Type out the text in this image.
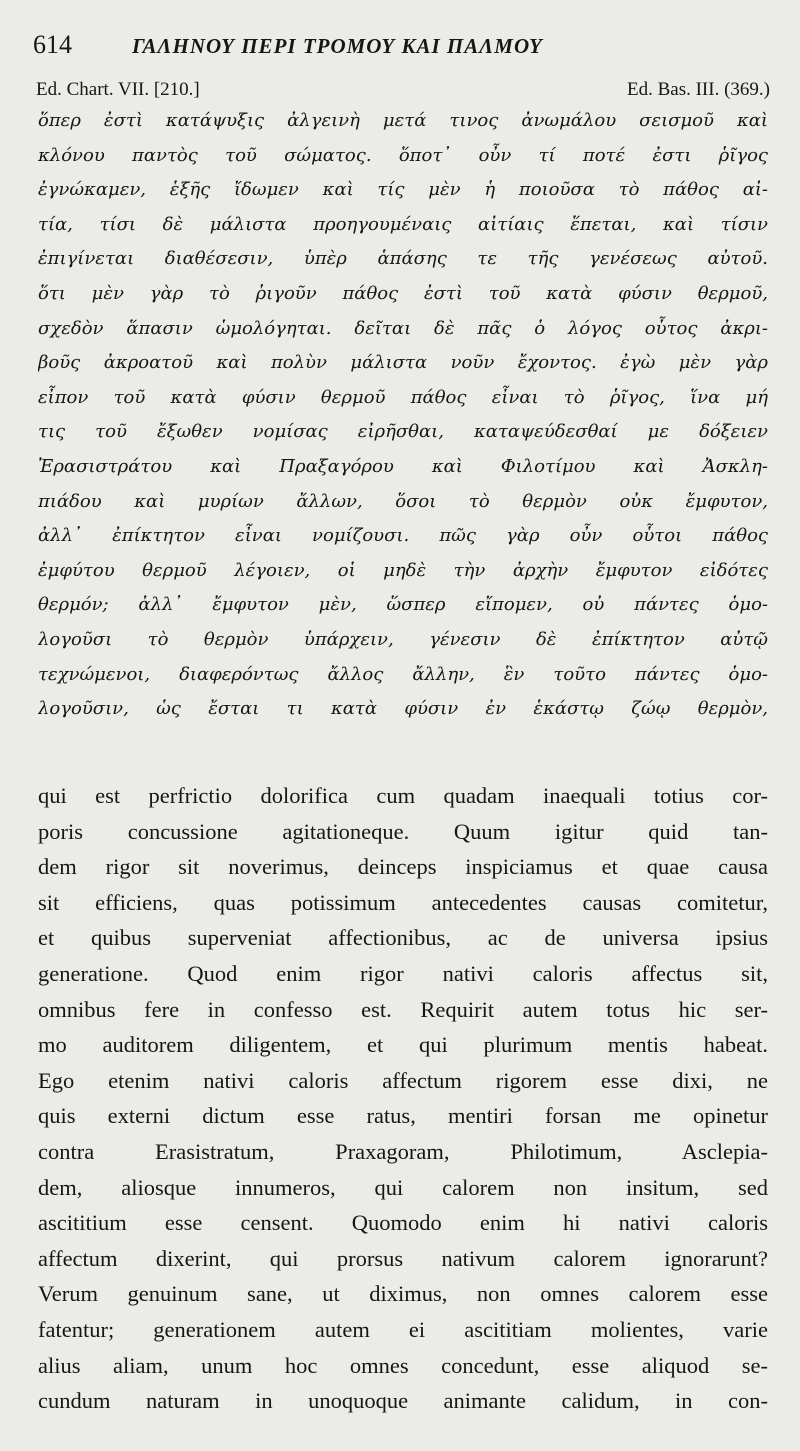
614	ΓΑΛΗΝΟΥ ΠΕΡΙ ΤΡΟΜΟΥ ΚΑΙ ΠΑΛΜΟΥ
Ed. Chart. VII. [210.]	Ed. Bas. III. (369.)
ὅπερ ἐστὶ κατάψυξις ἀλγεινὴ μετά τινος ἀνωμάλου σεισμοῦ καὶ
κλόνου παντὸς τοῦ σώματος. ὅποτ᾽ οὖν τί ποτέ ἐστι ῥῖγος
ἐγνώκαμεν, ἑξῆς ἴδωμεν καὶ τίς μὲν ἡ ποιοῦσα τὸ πάθος αἰ-
τία, τίσι δὲ μάλιστα προηγουμέναις αἰτίαις ἕπεται, καὶ τίσιν
ἐπιγίνεται διαθέσεσιν, ὑπὲρ ἁπάσης τε τῆς γενέσεως αὐτοῦ.
ὅτι μὲν γὰρ τὸ ῥιγοῦν πάθος ἐστὶ τοῦ κατὰ φύσιν θερμοῦ,
σχεδὸν ἅπασιν ὡμολόγηται. δεῖται δὲ πᾶς ὁ λόγος οὗτος ἀκρι-
βοῦς ἀκροατοῦ καὶ πολὺν μάλιστα νοῦν ἔχοντος. ἐγὼ μὲν γὰρ
εἶπον τοῦ κατὰ φύσιν θερμοῦ πάθος εἶναι τὸ ῥῖγος, ἵνα μή
τις τοῦ ἔξωθεν νομίσας εἰρῆσθαι, καταψεύδεσθαί με δόξειεν
Ἐρασιστράτου καὶ Πραξαγόρου καὶ Φιλοτίμου καὶ Ἀσκλη-
πιάδου καὶ μυρίων ἄλλων, ὅσοι τὸ θερμὸν οὐκ ἔμφυτον,
ἀλλ᾽ ἐπίκτητον εἶναι νομίζουσι. πῶς γὰρ οὖν οὗτοι πάθος
ἐμφύτου θερμοῦ λέγοιεν, οἱ μηδὲ τὴν ἀρχὴν ἔμφυτον εἰδότες
θερμόν; ἀλλ᾽ ἔμφυτον μὲν, ὥσπερ εἴπομεν, οὐ πάντες ὁμο-
λογοῦσι τὸ θερμὸν ὑπάρχειν, γένεσιν δὲ ἐπίκτητον αὐτῷ
τεχνώμενοι, διαφερόντως ἄλλος ἄλλην, ἓν τοῦτο πάντες ὁμο-
λογοῦσιν, ὡς ἔσται τι κατὰ φύσιν ἐν ἑκάστῳ ζώῳ θερμὸν,
qui est perfrictio dolorifica cum quadam inaequali totius cor-
poris concussione agitationeque. Quum igitur quid tan-
dem rigor sit noverimus, deinceps inspiciamus et quae causa
sit efficiens, quas potissimum antecedentes causas comitetur,
et quibus superveniat affectionibus, ac de universa ipsius
generatione. Quod enim rigor nativi caloris affectus sit,
omnibus fere in confesso est. Requirit autem totus hic ser-
mo auditorem diligentem, et qui plurimum mentis habeat.
Ego etenim nativi caloris affectum rigorem esse dixi, ne
quis externi dictum esse ratus, mentiri forsan me opinetur
contra Erasistratum, Praxagoram, Philotimum, Asclepia-
dem, aliosque innumeros, qui calorem non insitum, sed
ascititium esse censent. Quomodo enim hi nativi caloris
affectum dixerint, qui prorsus nativum calorem ignorarunt?
Verum genuinum sane, ut diximus, non omnes calorem esse
fatentur; generationem autem ei ascititiam molientes, varie
alius aliam, unum hoc omnes concedunt, esse aliquod se-
cundum naturam in unoquoque animante calidum, in con-
